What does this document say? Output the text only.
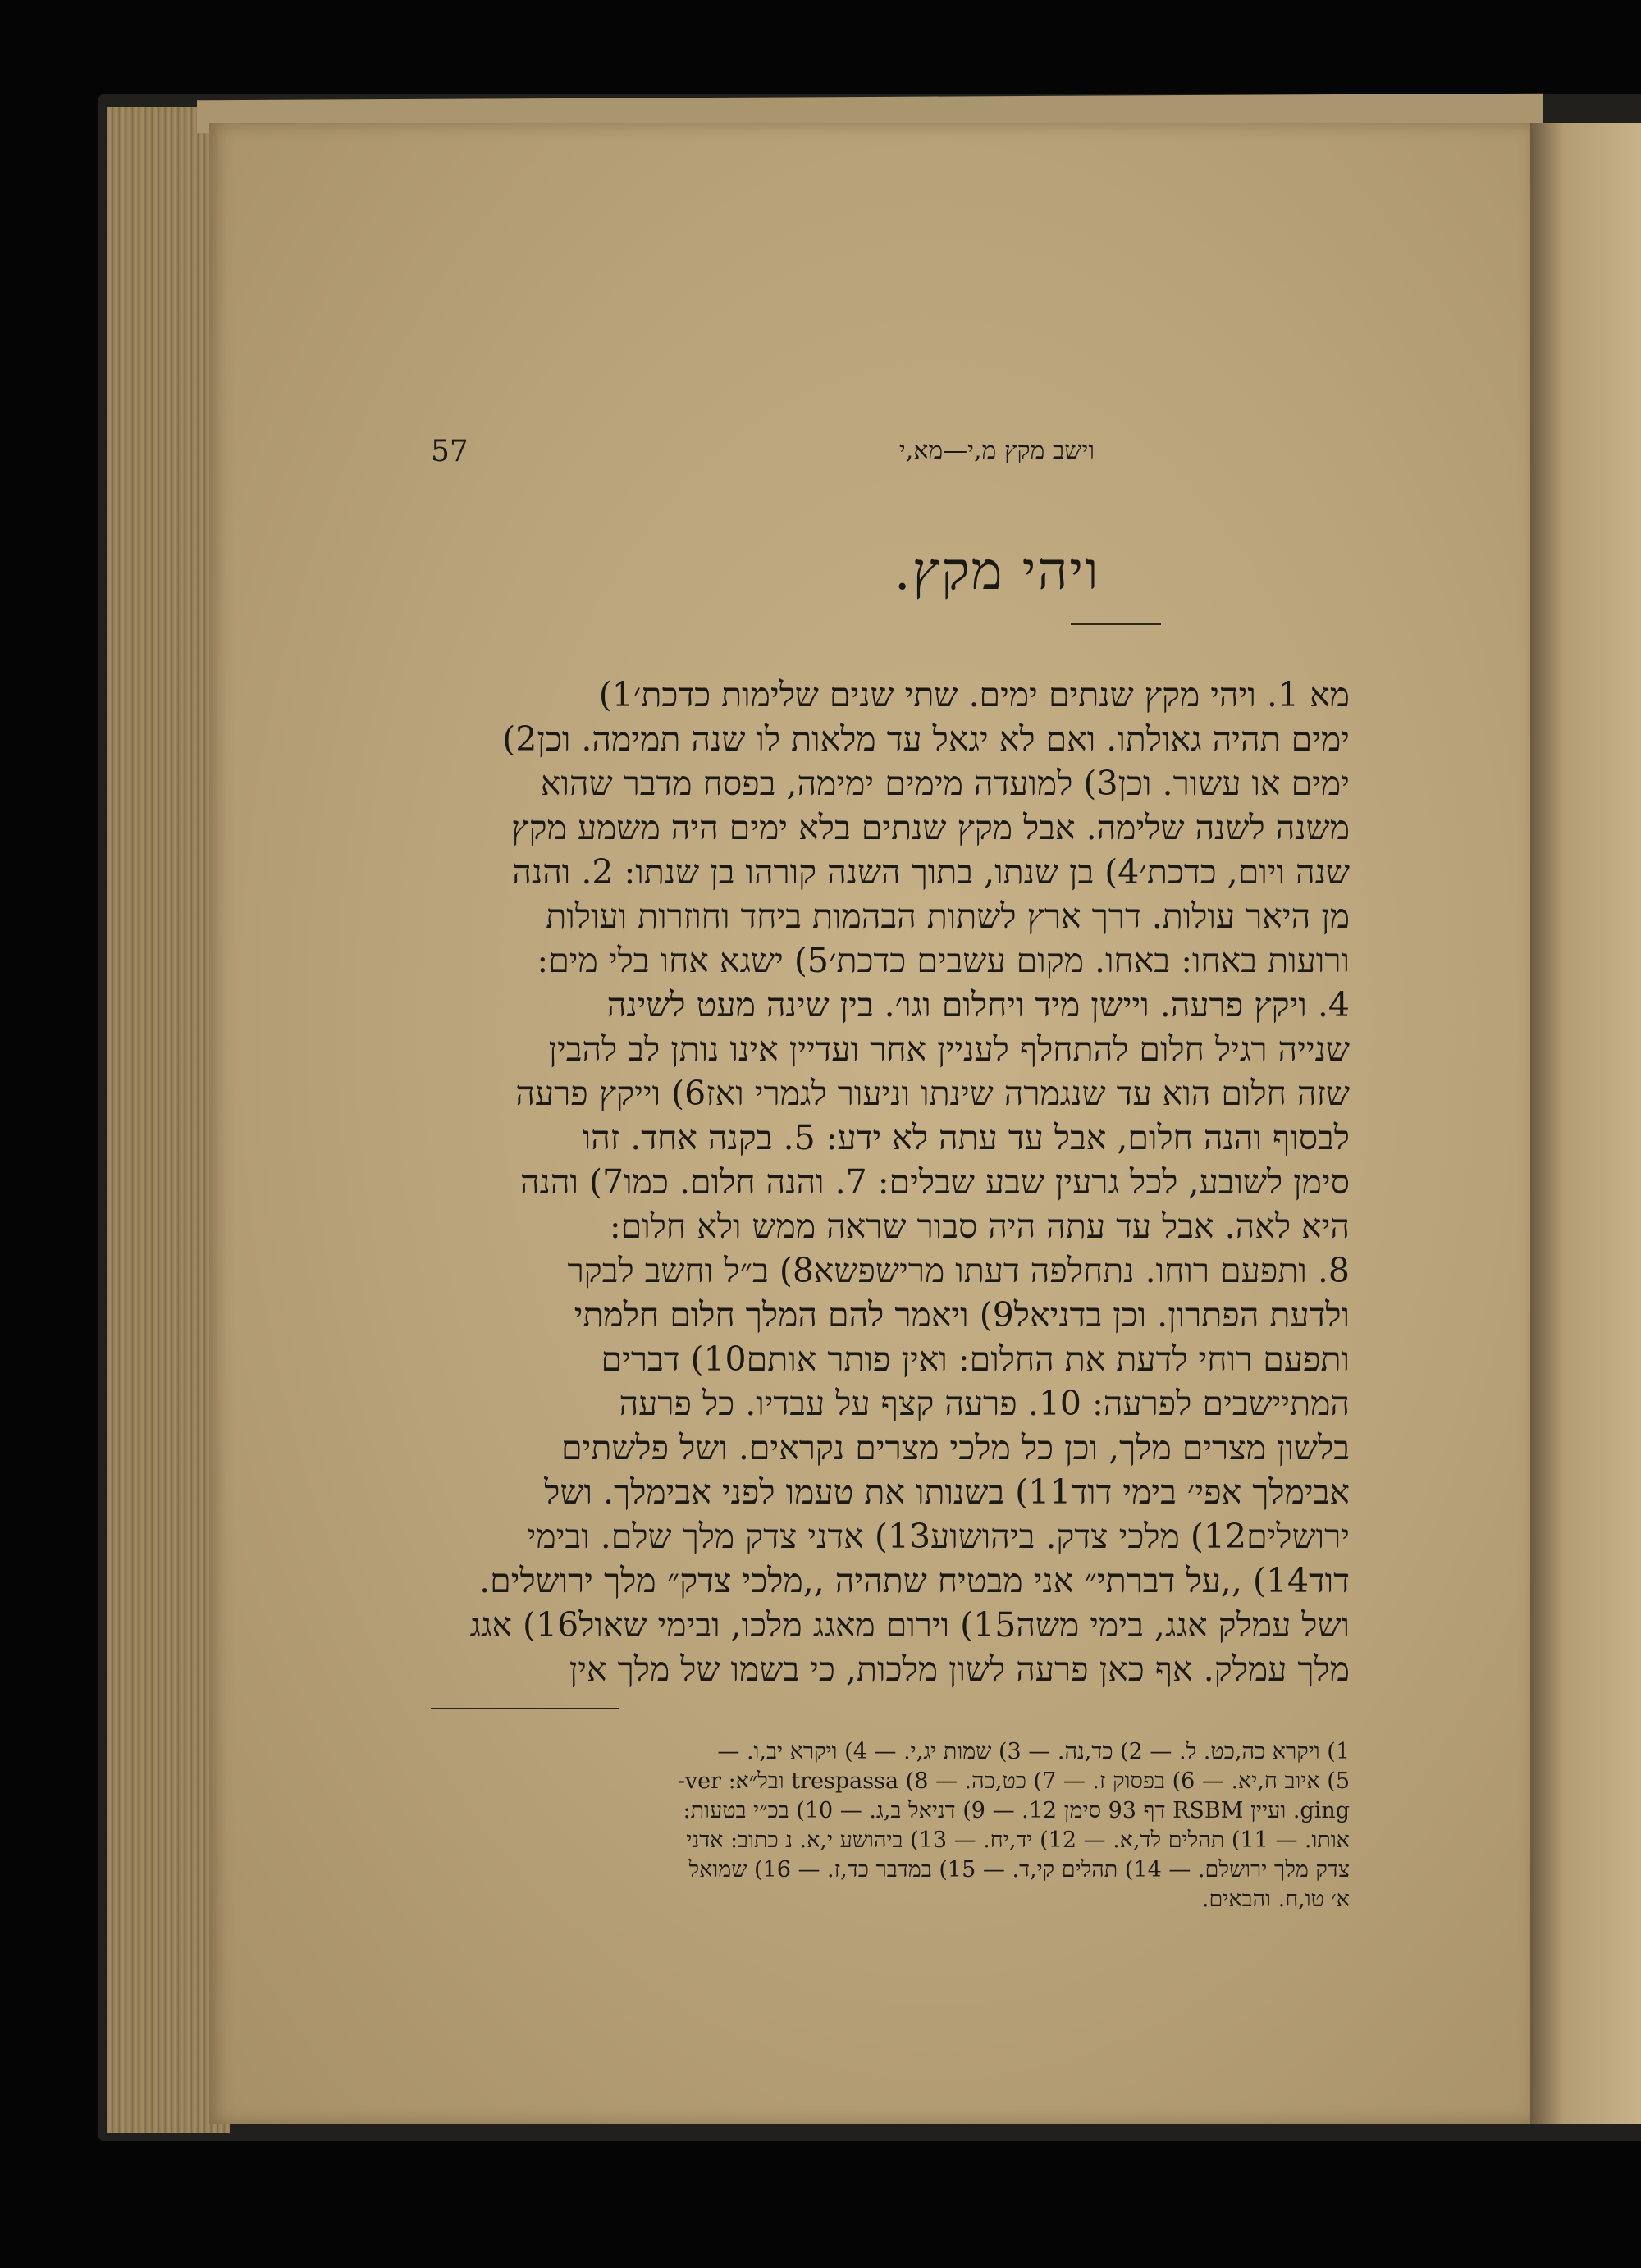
57	וישב מקץ מ,י—מא,י
ויהי מקץ.

מא 1. ויהי מקץ שנתים ימים. שתי שנים שלימות כדכת׳1)

ימים תהיה גאולתו. ואם לא יגאל עד מלאות לו שנה תמימה. וכן2)

ימים או עשור. וכן3) למועדה מימים ימימה, בפסח מדבר שהוא

משנה לשנה שלימה. אבל מקץ שנתים בלא ימים היה משמע מקץ

שנה ויום, כדכת׳4) בן שנתו, בתוך השנה קורהו בן שנתו: 2. והנה

מן היאר עולות. דרך ארץ לשתות הבהמות ביחד וחוזרות ועולות

ורועות באחו: באחו. מקום עשבים כדכת׳5) ישגא אחו בלי מים:

4. ויקץ פרעה. ויישן מיד ויחלום וגו׳. בין שינה מעט לשינה

שנייה רגיל חלום להתחלף לעניין אחר ועדיין אינו נותן לב להבין

שזה חלום הוא עד שנגמרה שינתו וניעור לגמרי ואז6) וייקץ פרעה

לבסוף והנה חלום, אבל עד עתה לא ידע: 5. בקנה אחד. זהו

סימן לשובע, לכל גרעין שבע שבלים: 7. והנה חלום. כמו7) והנה

היא לאה. אבל עד עתה היה סבור שראה ממש ולא חלום:

8. ותפעם רוחו. נתחלפה דעתו מרישפשא8) ב״ל וחשב לבקר

ולדעת הפתרון. וכן בדניאל9) ויאמר להם המלך חלום חלמתי

ותפעם רוחי לדעת את החלום: ואין פותר אותם10) דברים

המתיישבים לפרעה: 10. פרעה קצף על עבדיו. כל פרעה

בלשון מצרים מלך, וכן כל מלכי מצרים נקראים. ושל פלשתים

אבימלך אפי׳ בימי דוד11) בשנותו את טעמו לפני אבימלך. ושל

ירושלים12) מלכי צדק. ביהושוע13) אדני צדק מלך שלם. ובימי

דוד14) ,,על דברתי״ אני מבטיח שתהיה ,,מלכי צדק״ מלך ירושלים.

ושל עמלק אגג, בימי משה15) וירום מאגג מלכו, ובימי שאול16) אגג

מלך עמלק. אף כאן פרעה לשון מלכות, כי בשמו של מלך אין

1) ויקרא כה,כט. ל. — 2) כד,נה. — 3) שמות יג,י. — 4) ויקרא יב,ו. —

5) איוב ח,יא. — 6) בפסוק ז. — 7) כט,כה. — 8) trespassa ובל״א: ver-

ging. ועיין RSBM דף 93 סימן 12. — 9) דניאל ב,ג. — 10) בכ״י בטעות:

אותו. — 11) תהלים לד,א. — 12) יד,יח. — 13) ביהושע י,א. נ כתוב: אדני

צדק מלך ירושלם. — 14) תהלים קי,ד. — 15) במדבר כד,ז. — 16) שמואל

א׳ טו,ח. והבאים.
